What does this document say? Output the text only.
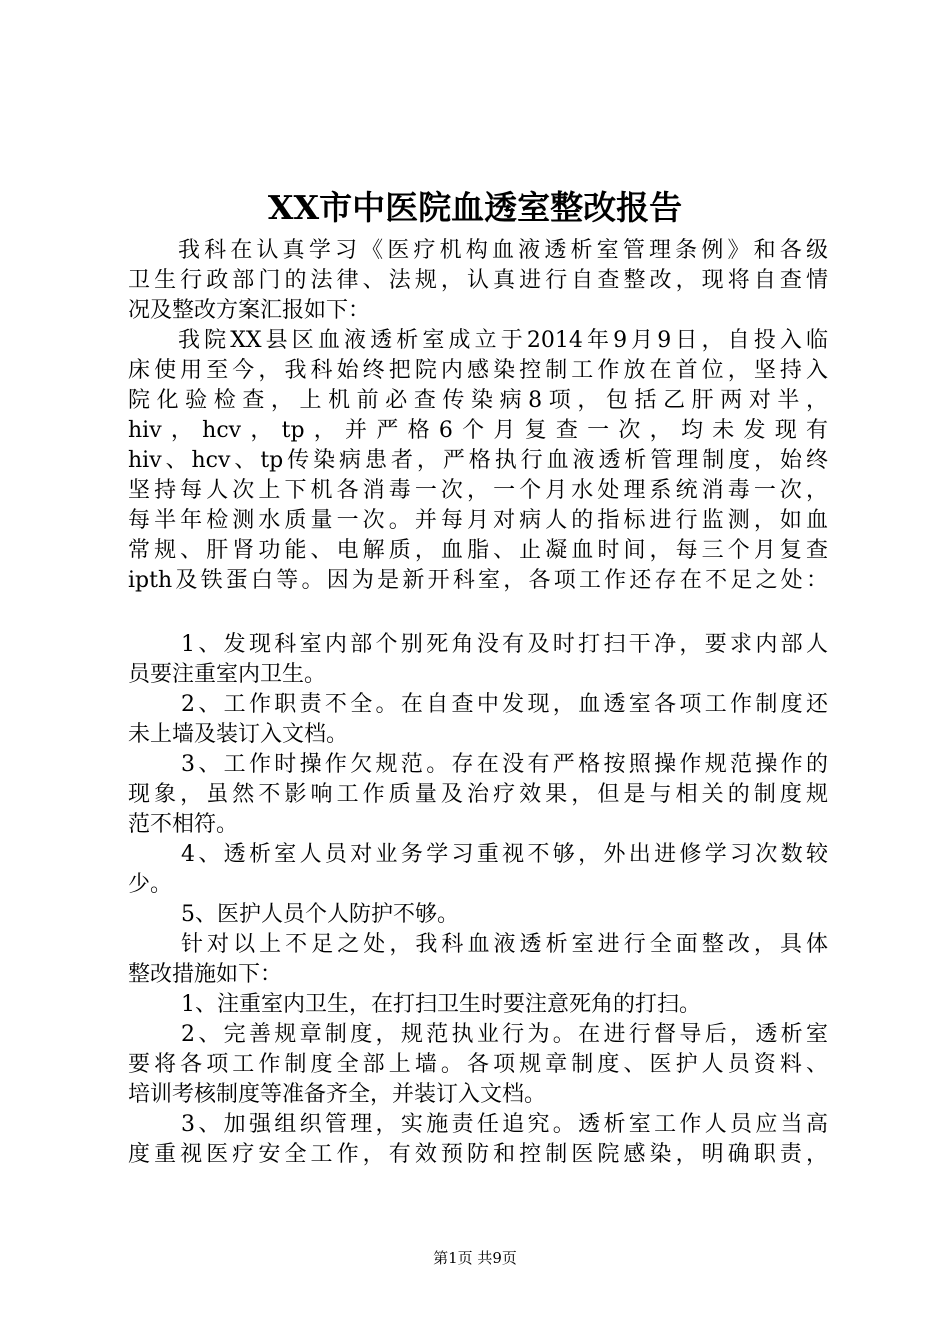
XX市中医院血透室整改报告
我科在认真学习《医疗机构血液透析室管理条例》和各级
卫生行政部门的法律、法规，认真进行自查整改，现将自查情
况及整改方案汇报如下：
我院XX县区血液透析室成立于2014年9月9日，自投入临
床使用至今，我科始终把院内感染控制工作放在首位，坚持入
院化验检查，上机前必查传染病8项，包括乙肝两对半，
hiv，hcv，tp，并严格6个月复查一次，均未发现有
hiv、hcv、tp传染病患者，严格执行血液透析管理制度，始终
坚持每人次上下机各消毒一次，一个月水处理系统消毒一次，
每半年检测水质量一次。并每月对病人的指标进行监测，如血
常规、肝肾功能、电解质，血脂、止凝血时间，每三个月复查
ipth及铁蛋白等。因为是新开科室，各项工作还存在不足之处：
1、发现科室内部个别死角没有及时打扫干净，要求内部人
员要注重室内卫生。
2、工作职责不全。在自查中发现，血透室各项工作制度还
未上墙及装订入文档。
3、工作时操作欠规范。存在没有严格按照操作规范操作的
现象，虽然不影响工作质量及治疗效果，但是与相关的制度规
范不相符。
4、透析室人员对业务学习重视不够，外出进修学习次数较
少。
5、医护人员个人防护不够。
针对以上不足之处，我科血液透析室进行全面整改，具体
整改措施如下：
1、注重室内卫生，在打扫卫生时要注意死角的打扫。
2、完善规章制度，规范执业行为。在进行督导后，透析室
要将各项工作制度全部上墙。各项规章制度、医护人员资料、
培训考核制度等准备齐全，并装订入文档。
3、加强组织管理，实施责任追究。透析室工作人员应当高
度重视医疗安全工作，有效预防和控制医院感染，明确职责，
第1页 共9页
